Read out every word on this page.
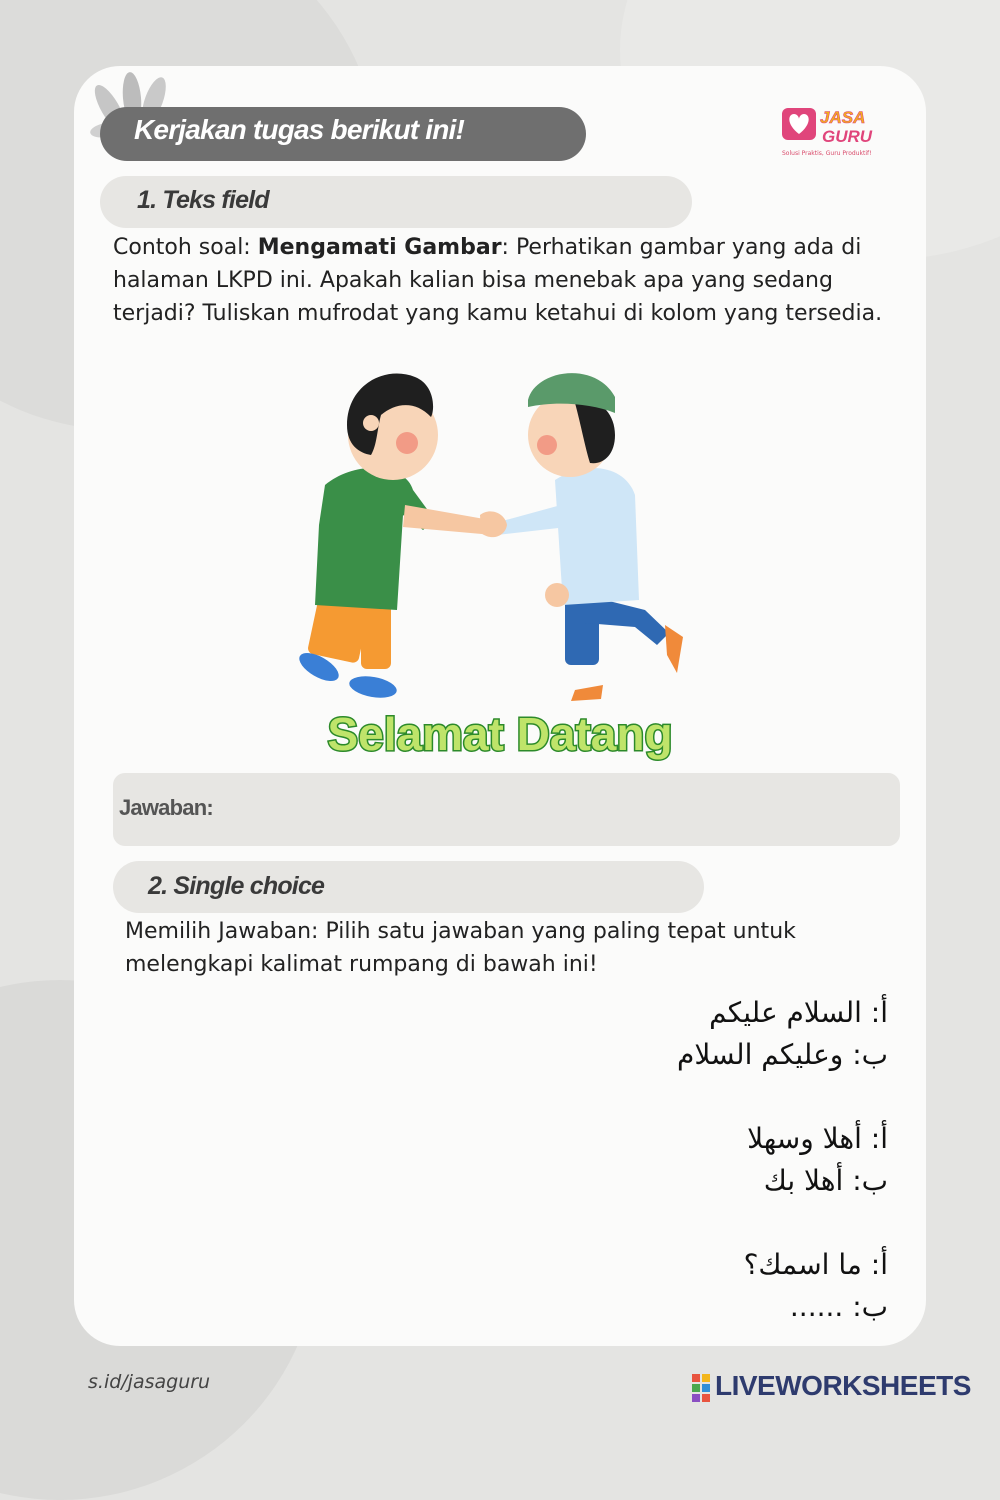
Kerjakan tugas berikut ini!	JASA
GURU
Solusi Praktis, Guru Produktif!
1. Teks field
Contoh soal: Mengamati Gambar: Perhatikan gambar yang ada di halaman LKPD ini. Apakah kalian bisa menebak apa yang sedang terjadi? Tuliskan mufrodat yang kamu ketahui di kolom yang tersedia.
Selamat Datang
Jawaban:
2. Single choice
Memilih Jawaban: Pilih satu jawaban yang paling tepat untuk melengkapi kalimat rumpang di bawah ini!
أ: السلام عليكم
ب: وعليكم السلام
أ: أهلا وسهلا
ب: أهلا بك
أ: ما اسمك؟
ب: ......
s.id/jasaguru	LIVEWORKSHEETS
